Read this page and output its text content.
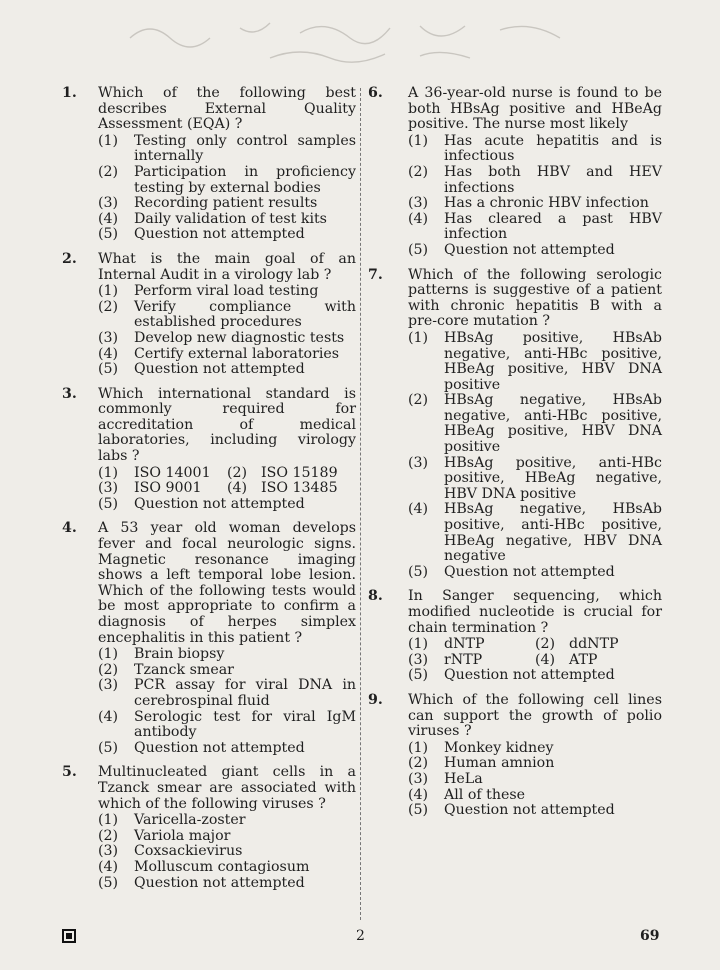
1. Which of the following best describes External Quality Assessment (EQA) ?
(1) Testing only control samples internally
(2) Participation in proficiency testing by external bodies
(3) Recording patient results
(4) Daily validation of test kits
(5) Question not attempted
2. What is the main goal of an Internal Audit in a virology lab ?
(1) Perform viral load testing
(2) Verify compliance with established procedures
(3) Develop new diagnostic tests
(4) Certify external laboratories
(5) Question not attempted
3. Which international standard is commonly required for accreditation of medical laboratories, including virology labs ?
(1) ISO 14001	(2) ISO 15189
(3) ISO 9001	(4) ISO 13485
(5) Question not attempted
4. A 53 year old woman develops fever and focal neurologic signs. Magnetic resonance imaging shows a left temporal lobe lesion. Which of the following tests would be most appropriate to confirm a diagnosis of herpes simplex encephalitis in this patient ?
(1) Brain biopsy
(2) Tzanck smear
(3) PCR assay for viral DNA in cerebrospinal fluid
(4) Serologic test for viral IgM antibody
(5) Question not attempted
5. Multinucleated giant cells in a Tzanck smear are associated with which of the following viruses ?
(1) Varicella-zoster
(2) Variola major
(3) Coxsackievirus
(4) Molluscum contagiosum
(5) Question not attempted
6. A 36-year-old nurse is found to be both HBsAg positive and HBeAg positive. The nurse most likely
(1) Has acute hepatitis and is infectious
(2) Has both HBV and HEV infections
(3) Has a chronic HBV infection
(4) Has cleared a past HBV infection
(5) Question not attempted
7. Which of the following serologic patterns is suggestive of a patient with chronic hepatitis B with a pre-core mutation ?
(1) HBsAg positive, HBsAb negative, anti-HBc positive, HBeAg positive, HBV DNA positive
(2) HBsAg negative, HBsAb negative, anti-HBc positive, HBeAg positive, HBV DNA positive
(3) HBsAg positive, anti-HBc positive, HBeAg negative, HBV DNA positive
(4) HBsAg negative, HBsAb positive, anti-HBc positive, HBeAg negative, HBV DNA negative
(5) Question not attempted
8. In Sanger sequencing, which modified nucleotide is crucial for chain termination ?
(1) dNTP	(2) ddNTP
(3) rNTP	(4) ATP
(5) Question not attempted
9. Which of the following cell lines can support the growth of polio viruses ?
(1) Monkey kidney
(2) Human amnion
(3) HeLa
(4) All of these
(5) Question not attempted
2	69
